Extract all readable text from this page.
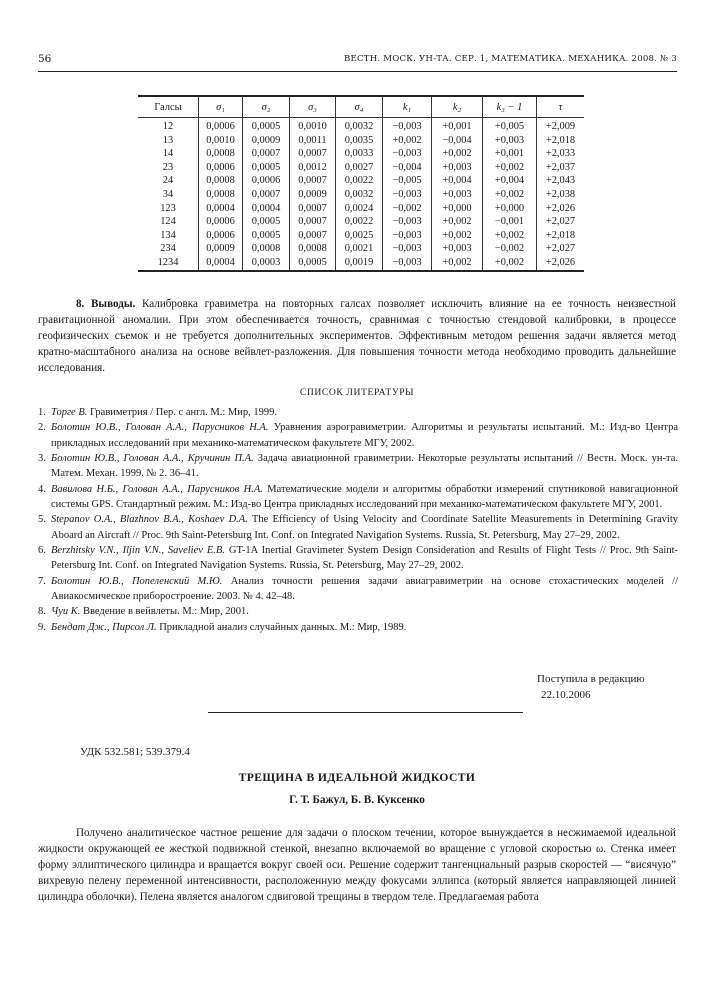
56	ВЕСТН. МОСК. УН-ТА. СЕР. 1, МАТЕМАТИКА. МЕХАНИКА. 2008. № 3
Галсы	σ₁	σ₂	σ₃	σ₄	k₁	k₂	k₃ − 1	τ
12	0,0006	0,0005	0,0010	0,0032	−0,003	+0,001	+0,005	+2,009
13	0,0010	0,0009	0,0011	0,0035	+0,002	−0,004	+0,003	+2,018
14	0,0008	0,0007	0,0007	0,0033	−0,003	+0,002	+0,001	+2,033
23	0,0006	0,0005	0,0012	0,0027	−0,004	+0,003	+0,002	+2,037
24	0,0008	0,0006	0,0007	0,0022	−0,005	+0,004	+0,004	+2,043
34	0,0008	0,0007	0,0009	0,0032	−0,003	+0,003	+0,002	+2,038
123	0,0004	0,0004	0,0007	0,0024	−0,002	+0,000	+0,000	+2,026
124	0,0006	0,0005	0,0007	0,0022	−0,003	+0,002	−0,001	+2,027
134	0,0006	0,0005	0,0007	0,0025	−0,003	+0,002	+0,002	+2,018
234	0,0009	0,0008	0,0008	0,0021	−0,003	+0,003	−0,002	+2,027
1234	0,0004	0,0003	0,0005	0,0019	−0,003	+0,002	+0,002	+2,026
8. Выводы. Калибровка гравиметра на повторных галсах позволяет исключить влияние на ее точность неизвестной гравитационной аномалии. При этом обеспечивается точность, сравнимая с точностью стендовой калибровки, в процессе геофизических съемок и не требуется дополнительных экспериментов. Эффективным методом решения задачи является метод кратно-масштабного анализа на основе вейвлет-разложения. Для повышения точности метода необходимо проводить дальнейшие исследования.
СПИСОК ЛИТЕРАТУРЫ
1. Торге В. Гравиметрия / Пер. с англ. М.: Мир, 1999.
2. Болотин Ю.В., Голован А.А., Парусников Н.А. Уравнения аэрогравиметрии. Алгоритмы и результаты испытаний. М.: Изд-во Центра прикладных исследований при механико-математическом факультете МГУ, 2002.
3. Болотин Ю.В., Голован А.А., Кручинин П.А. Задача авиационной гравиметрии. Некоторые результаты испытаний // Вестн. Моск. ун-та. Матем. Механ. 1999. № 2. 36–41.
4. Вавилова Н.Б., Голован А.А., Парусников Н.А. Математические модели и алгоритмы обработки измерений спутниковой навигационной системы GPS. Стандартный режим. М.: Изд-во Центра прикладных исследований при механико-математическом факультете МГУ, 2001.
5. Stepanov O.A., Blazhnov B.A., Koshaev D.A. The Efficiency of Using Velocity and Coordinate Satellite Measurements in Determining Gravity Aboard an Aircraft // Proc. 9th Saint-Petersburg Int. Conf. on Integrated Navigation Systems. Russia, St. Petersburg, May 27–29, 2002.
6. Berzhitsky V.N., Iljin V.N., Saveliev E.B. GT-1A Inertial Gravimeter System Design Consideration and Results of Flight Tests // Proc. 9th Saint-Petersburg Int. Conf. on Integrated Navigation Systems. Russia, St. Petersburg, May 27–29, 2002.
7. Болотин Ю.В., Попеленский М.Ю. Анализ точности решения задачи авиагравиметрии на основе стохастических моделей // Авиакосмическое приборостроение. 2003. № 4. 42–48.
8. Чуи К. Введение в вейвлеты. М.: Мир, 2001.
9. Бендат Дж., Пирсол Л. Прикладной анализ случайных данных. М.: Мир, 1989.
Поступила в редакцию
22.10.2006
УДК 532.581; 539.379.4
ТРЕЩИНА В ИДЕАЛЬНОЙ ЖИДКОСТИ
Г. Т. Бажул, Б. В. Куксенко
Получено аналитическое частное решение для задачи о плоском течении, которое вынуждается в несжимаемой идеальной жидкости окружающей ее жесткой подвижной стенкой, внезапно включаемой во вращение с угловой скоростью ω. Стенка имеет форму эллиптического цилиндра и вращается вокруг своей оси. Решение содержит тангенциальный разрыв скоростей — “висячую” вихревую пелену переменной интенсивности, расположенную между фокусами эллипса (который является направляющей линией цилиндра оболочки). Пелена является аналогом сдвиговой трещины в твердом теле. Предлагаемая работа
